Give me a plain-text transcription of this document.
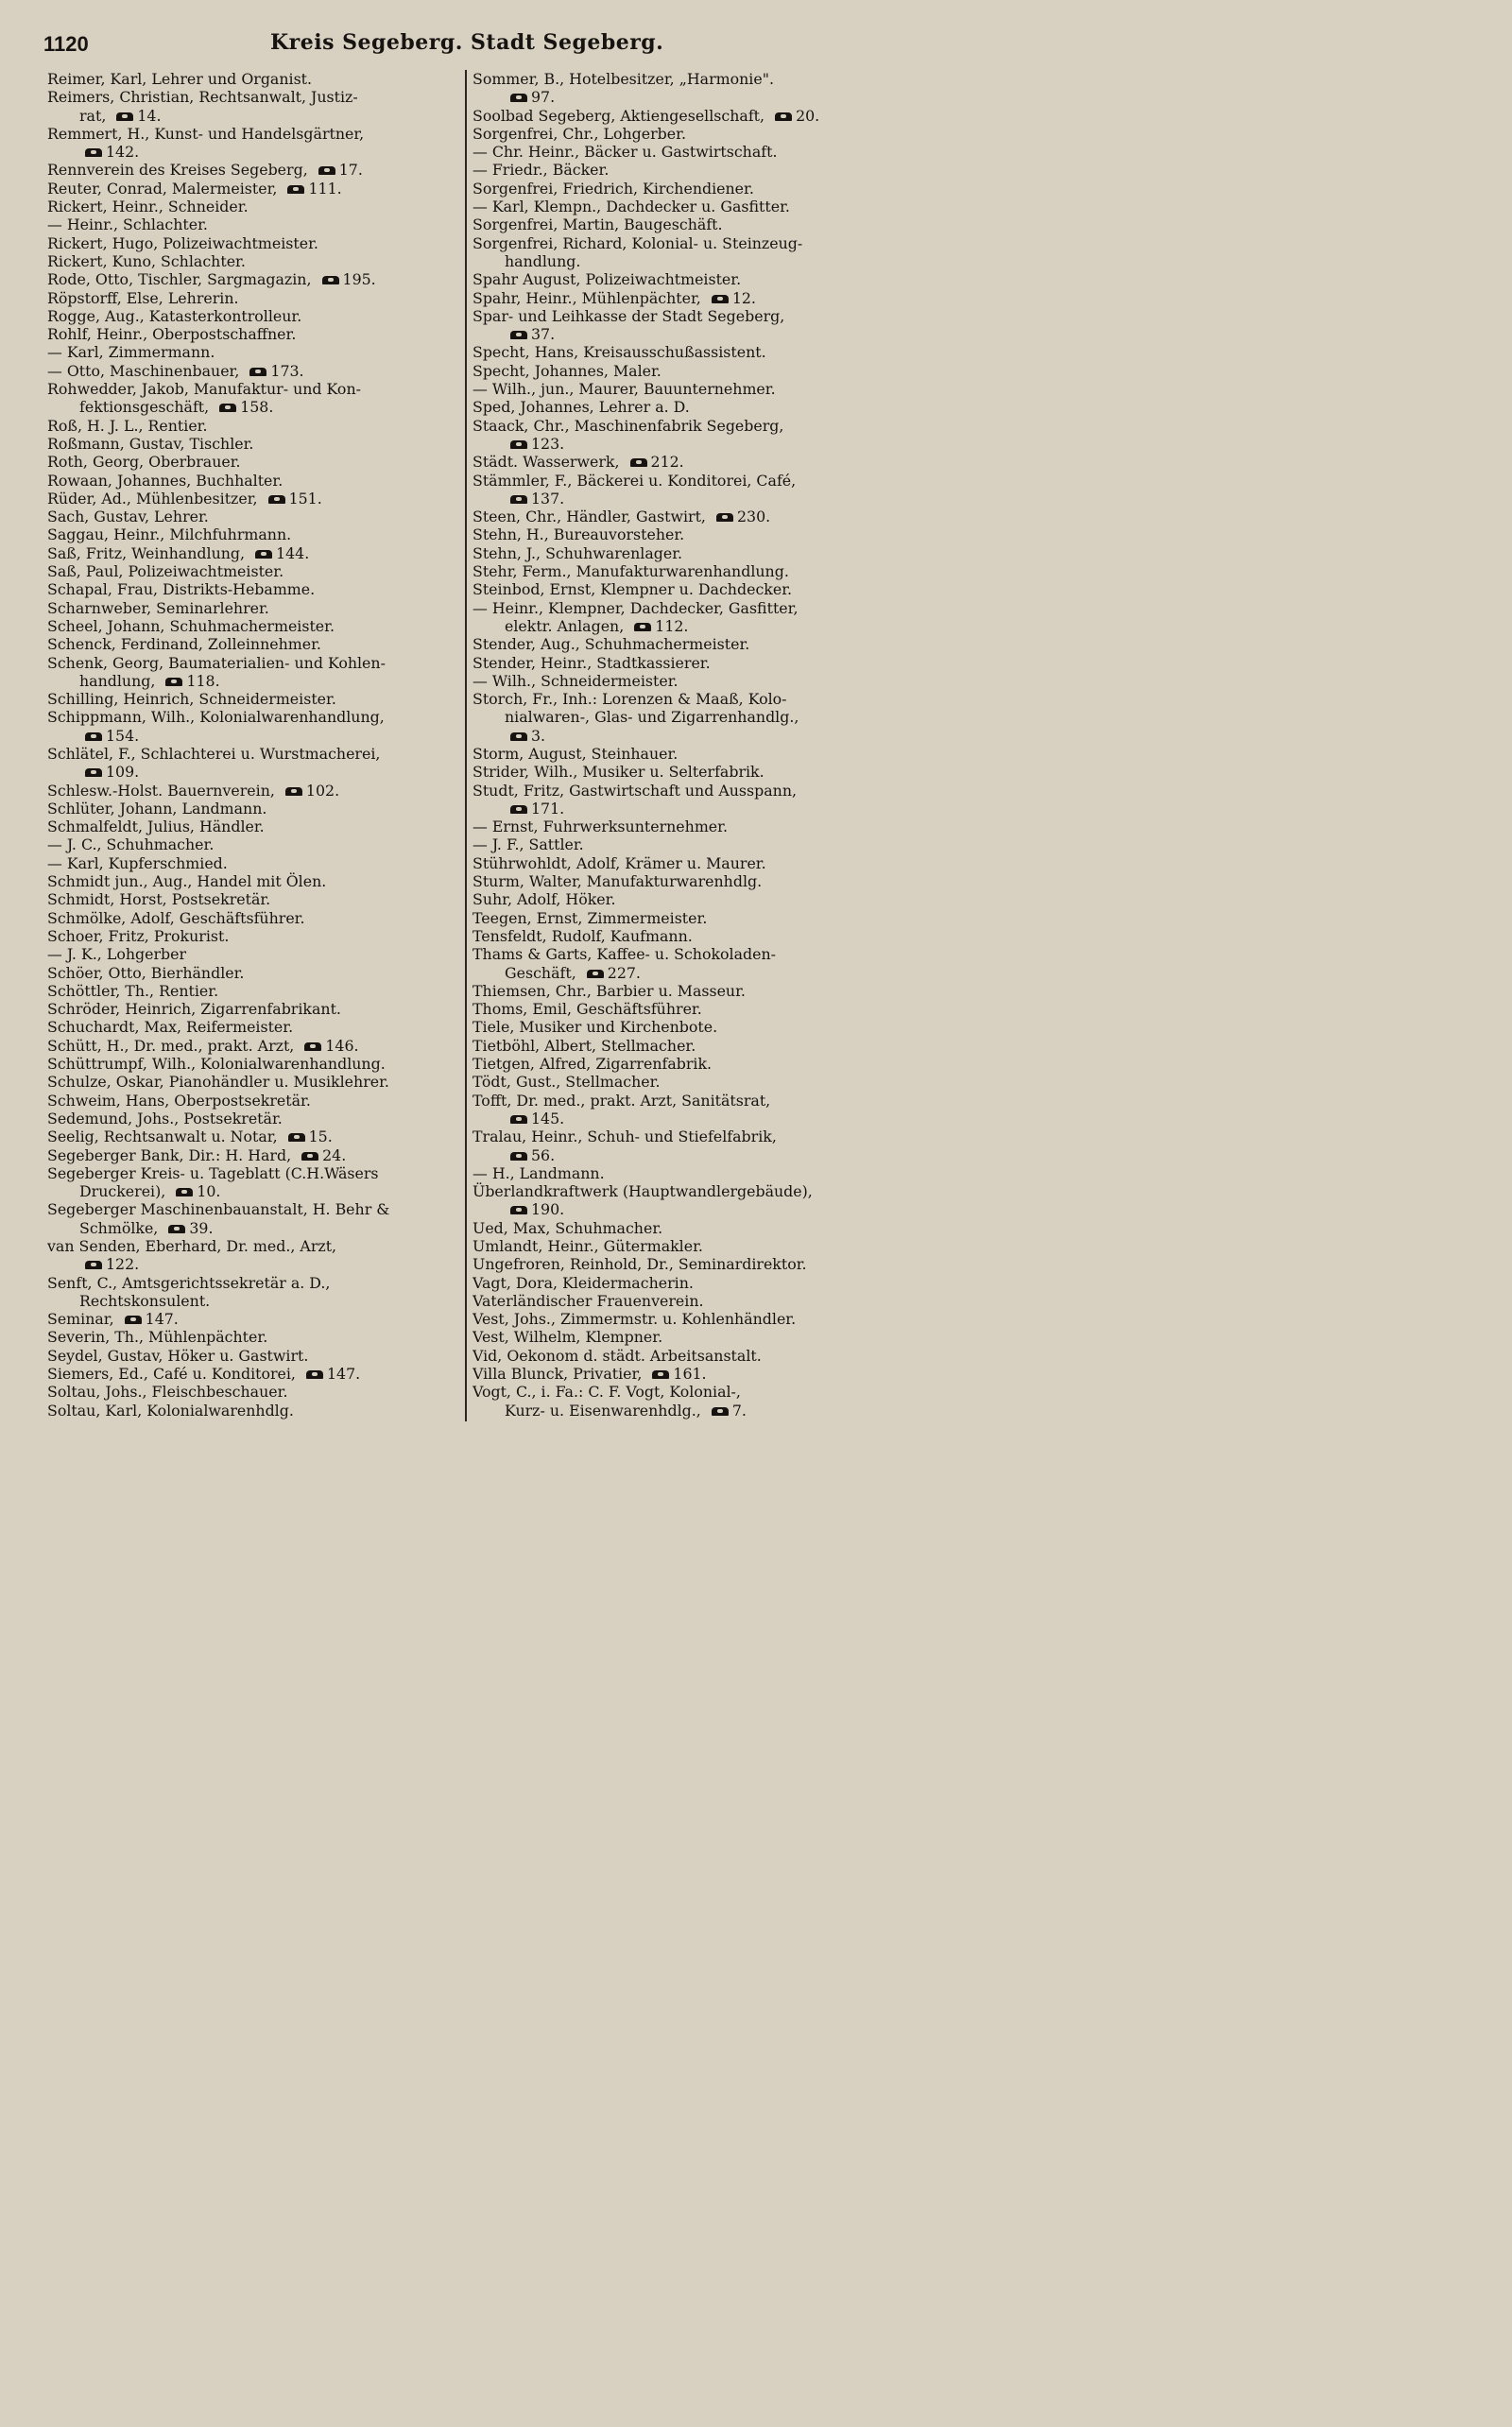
1120	Kreis Segeberg. Stadt Segeberg.
Reimer, Karl, Lehrer und Organist.
Reimers, Christian, Rechtsanwalt, Justiz-
rat, 14.
Remmert, H., Kunst- und Handelsgärtner,
142.
Rennverein des Kreises Segeberg, 17.
Reuter, Conrad, Malermeister, 111.
Rickert, Heinr., Schneider.
— Heinr., Schlachter.
Rickert, Hugo, Polizeiwachtmeister.
Rickert, Kuno, Schlachter.
Rode, Otto, Tischler, Sargmagazin, 195.
Röpstorff, Else, Lehrerin.
Rogge, Aug., Katasterkontrolleur.
Rohlf, Heinr., Oberpostschaffner.
— Karl, Zimmermann.
— Otto, Maschinenbauer, 173.
Rohwedder, Jakob, Manufaktur- und Kon-
fektionsgeschäft, 158.
Roß, H. J. L., Rentier.
Roßmann, Gustav, Tischler.
Roth, Georg, Oberbrauer.
Rowaan, Johannes, Buchhalter.
Rüder, Ad., Mühlenbesitzer, 151.
Sach, Gustav, Lehrer.
Saggau, Heinr., Milchfuhrmann.
Saß, Fritz, Weinhandlung, 144.
Saß, Paul, Polizeiwachtmeister.
Schapal, Frau, Distrikts-Hebamme.
Scharnweber, Seminarlehrer.
Scheel, Johann, Schuhmachermeister.
Schenck, Ferdinand, Zolleinnehmer.
Schenk, Georg, Baumaterialien- und Kohlen-
handlung, 118.
Schilling, Heinrich, Schneidermeister.
Schippmann, Wilh., Kolonialwarenhandlung,
154.
Schlätel, F., Schlachterei u. Wurstmacherei,
109.
Schlesw.-Holst. Bauernverein, 102.
Schlüter, Johann, Landmann.
Schmalfeldt, Julius, Händler.
— J. C., Schuhmacher.
— Karl, Kupferschmied.
Schmidt jun., Aug., Handel mit Ölen.
Schmidt, Horst, Postsekretär.
Schmölke, Adolf, Geschäftsführer.
Schoer, Fritz, Prokurist.
— J. K., Lohgerber
Schöer, Otto, Bierhändler.
Schöttler, Th., Rentier.
Schröder, Heinrich, Zigarrenfabrikant.
Schuchardt, Max, Reifermeister.
Schütt, H., Dr. med., prakt. Arzt, 146.
Schüttrumpf, Wilh., Kolonialwarenhandlung.
Schulze, Oskar, Pianohändler u. Musiklehrer.
Schweim, Hans, Oberpostsekretär.
Sedemund, Johs., Postsekretär.
Seelig, Rechtsanwalt u. Notar, 15.
Segeberger Bank, Dir.: H. Hard, 24.
Segeberger Kreis- u. Tageblatt (C.H.Wäsers
Druckerei), 10.
Segeberger Maschinenbauanstalt, H. Behr &
Schmölke, 39.
van Senden, Eberhard, Dr. med., Arzt,
122.
Senft, C., Amtsgerichtssekretär a. D.,
Rechtskonsulent.
Seminar, 147.
Severin, Th., Mühlenpächter.
Seydel, Gustav, Höker u. Gastwirt.
Siemers, Ed., Café u. Konditorei, 147.
Soltau, Johs., Fleischbeschauer.
Soltau, Karl, Kolonialwarenhdlg.
Sommer, B., Hotelbesitzer, „Harmonie".
97.
Soolbad Segeberg, Aktiengesellschaft, 20.
Sorgenfrei, Chr., Lohgerber.
— Chr. Heinr., Bäcker u. Gastwirtschaft.
— Friedr., Bäcker.
Sorgenfrei, Friedrich, Kirchendiener.
— Karl, Klempn., Dachdecker u. Gasfitter.
Sorgenfrei, Martin, Baugeschäft.
Sorgenfrei, Richard, Kolonial- u. Steinzeug-
handlung.
Spahr August, Polizeiwachtmeister.
Spahr, Heinr., Mühlenpächter, 12.
Spar- und Leihkasse der Stadt Segeberg,
37.
Specht, Hans, Kreisausschußassistent.
Specht, Johannes, Maler.
— Wilh., jun., Maurer, Bauunternehmer.
Sped, Johannes, Lehrer a. D.
Staack, Chr., Maschinenfabrik Segeberg,
123.
Städt. Wasserwerk, 212.
Stämmler, F., Bäckerei u. Konditorei, Café,
137.
Steen, Chr., Händler, Gastwirt, 230.
Stehn, H., Bureauvorsteher.
Stehn, J., Schuhwarenlager.
Stehr, Ferm., Manufakturwarenhandlung.
Steinbod, Ernst, Klempner u. Dachdecker.
— Heinr., Klempner, Dachdecker, Gasfitter,
elektr. Anlagen, 112.
Stender, Aug., Schuhmachermeister.
Stender, Heinr., Stadtkassierer.
— Wilh., Schneidermeister.
Storch, Fr., Inh.: Lorenzen & Maaß, Kolo-
nialwaren-, Glas- und Zigarrenhandlg.,
3.
Storm, August, Steinhauer.
Strider, Wilh., Musiker u. Selterfabrik.
Studt, Fritz, Gastwirtschaft und Ausspann,
171.
— Ernst, Fuhrwerksunternehmer.
— J. F., Sattler.
Stührwohldt, Adolf, Krämer u. Maurer.
Sturm, Walter, Manufakturwarenhdlg.
Suhr, Adolf, Höker.
Teegen, Ernst, Zimmermeister.
Tensfeldt, Rudolf, Kaufmann.
Thams & Garts, Kaffee- u. Schokoladen-
Geschäft, 227.
Thiemsen, Chr., Barbier u. Masseur.
Thoms, Emil, Geschäftsführer.
Tiele, Musiker und Kirchenbote.
Tietböhl, Albert, Stellmacher.
Tietgen, Alfred, Zigarrenfabrik.
Tödt, Gust., Stellmacher.
Tofft, Dr. med., prakt. Arzt, Sanitätsrat,
145.
Tralau, Heinr., Schuh- und Stiefelfabrik,
56.
— H., Landmann.
Überlandkraftwerk (Hauptwandlergebäude),
190.
Ued, Max, Schuhmacher.
Umlandt, Heinr., Gütermakler.
Ungefroren, Reinhold, Dr., Seminardirektor.
Vagt, Dora, Kleidermacherin.
Vaterländischer Frauenverein.
Vest, Johs., Zimmermstr. u. Kohlenhändler.
Vest, Wilhelm, Klempner.
Vid, Oekonom d. städt. Arbeitsanstalt.
Villa Blunck, Privatier, 161.
Vogt, C., i. Fa.: C. F. Vogt, Kolonial-,
Kurz- u. Eisenwarenhdlg., 7.
